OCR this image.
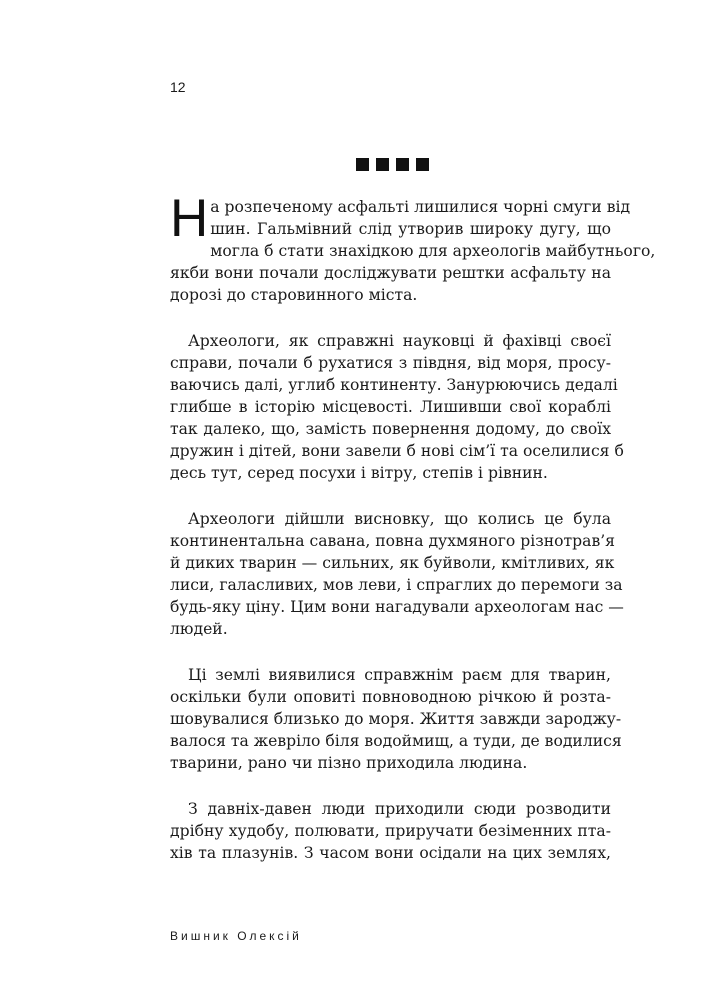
12
Н а розпеченому асфальті лишилися чорні смуги від
шин. Гальмівний слід утворив широку дугу, що
могла б стати знахідкою для археологів майбутнього,
якби вони почали досліджувати рештки асфальту на
дорозі до старовинного міста.
Археологи, як справжні науковці й фахівці своєї
справи, почали б рухатися з півдня, від моря, просу-
ваючись далі, углиб континенту. Занурюючись дедалі
глибше в історію місцевості. Лишивши свої кораблі
так далеко, що, замість повернення додому, до своїх
дружин і дітей, вони завели б нові сім’ї та оселилися б
десь тут, серед посухи і вітру, степів і рівнин.
Археологи дійшли висновку, що колись це була
континентальна савана, повна духмяного різнотрав’я
й диких тварин — сильних, як буйволи, кмітливих, як
лиси, галасливих, мов леви, і спраглих до перемоги за
будь-яку ціну. Цим вони нагадували археологам нас —
людей.
Ці землі виявилися справжнім раєм для тварин,
оскільки були оповиті повноводною річкою й розта-
шовувалися близько до моря. Життя завжди зароджу-
валося та жевріло біля водоймищ, а туди, де водилися
тварини, рано чи пізно приходила людина.
З давніх-давен люди приходили сюди розводити
дрібну худобу, полювати, приручати безіменних пта-
хів та плазунів. З часом вони осідали на цих землях,
Вишник Олексій
